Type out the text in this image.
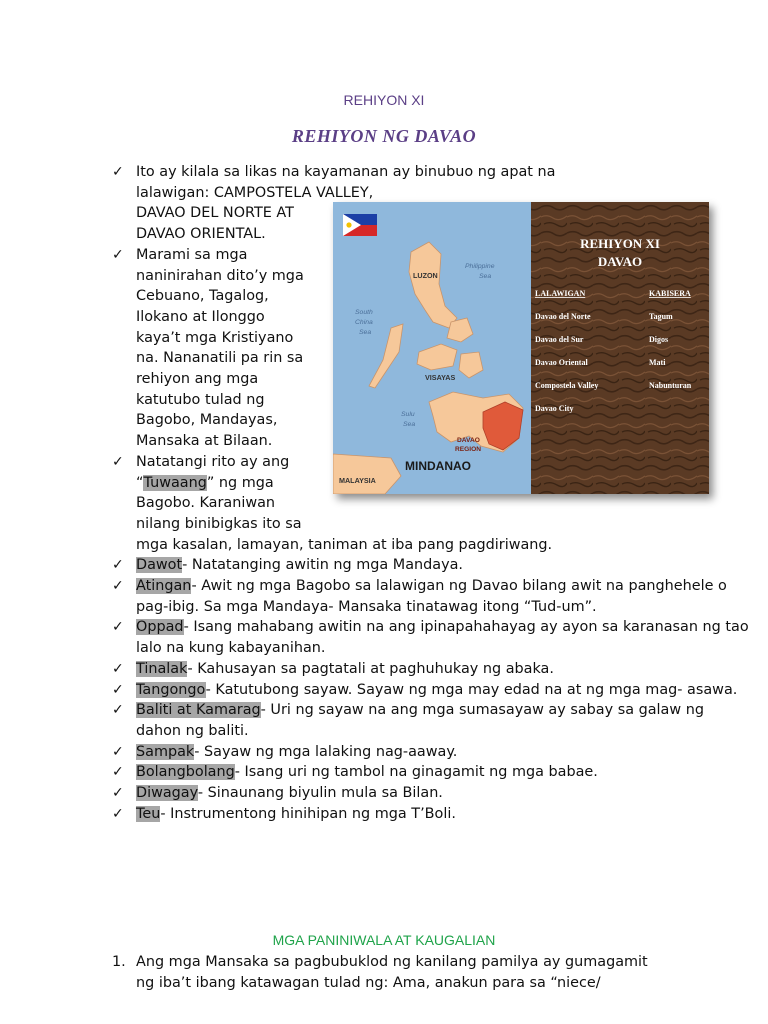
REHIYON XI
REHIYON NG DAVAO
✓ Ito ay kilala sa likas na kayamanan ay binubuo ng apat na
lalawigan: CAMPOSTELA VALLEY,
DAVAO DEL NORTE AT
DAVAO ORIENTAL.
✓ Marami sa mga naninirahan dito’y mga Cebuano, Tagalog, Ilokano at Ilonggo kaya’t mga Kristiyano na. Nananatili pa rin sa rehiyon ang mga katutubo tulad ng Bagobo, Mandayas, Mansaka at Bilaan.
✓ Natatangi rito ay ang “Tuwaang” ng mga Bagobo. Karaniwan nilang binibigkas ito sa
mga kasalan, lamayan, taniman at iba pang pagdiriwang.
✓ Dawot- Natatanging awitin ng mga Mandaya.
✓ Atingan- Awit ng mga Bagobo sa lalawigan ng Davao bilang awit na panghehele o pag-ibig. Sa mga Mandaya- Mansaka tinatawag itong “Tud-um”.
✓ Oppad- Isang mahabang awitin na ang ipinapahahayag ay ayon sa karanasan ng tao lalo na kung kabayanihan.
✓ Tinalak- Kahusayan sa pagtatali at paghuhukay ng abaka.
✓ Tangongo- Katutubong sayaw. Sayaw ng mga may edad na at ng mga mag- asawa.
✓ Baliti at Kamarag- Uri ng sayaw na ang mga sumasayaw ay sabay sa galaw ng dahon ng baliti.
✓ Sampak- Sayaw ng mga lalaking nag-aaway.
✓ Bolangbolang- Isang uri ng tambol na ginagamit ng mga babae.
✓ Diwagay- Sinaunang biyulin mula sa Bilan.
✓ Teu- Instrumentong hinihipan ng mga T’Boli.
LUZON
VISAYAS
MALAYSIA
DAVAO
REGION
MINDANAO
Philippine
Sea
South
China
Sea
Sulu
Sea
REHIYON XI
DAVAO
LALAWIGAN	KABISERA
Davao del Norte	Tagum
Davao del Sur	Digos
Davao Oriental	Mati
Compostela Valley	Nabunturan
Davao City
MGA PANINIWALA AT KAUGALIAN
1. Ang mga Mansaka sa pagbubuklod ng kanilang pamilya ay gumagamit
ng iba’t ibang katawagan tulad ng: Ama, anakun para sa “niece/
